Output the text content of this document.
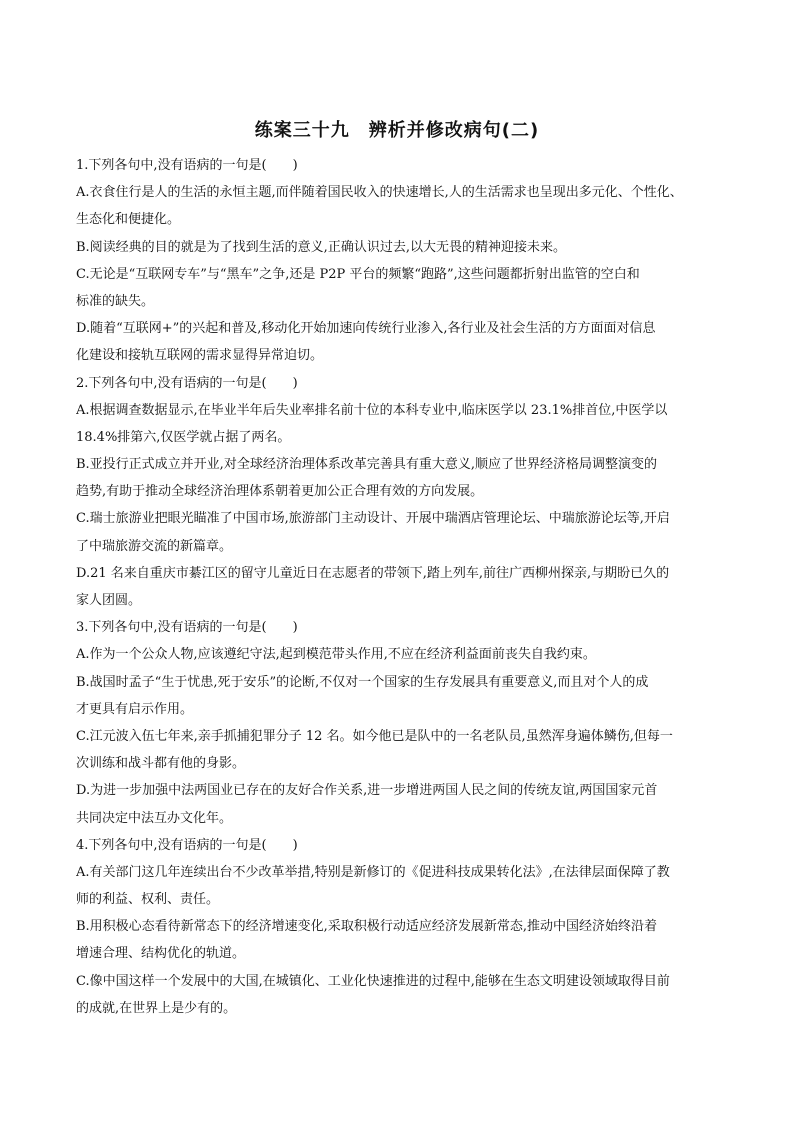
练案三十九　辨析并修改病句(二)
1.下列各句中,没有语病的一句是(　　)
A.衣食住行是人的生活的永恒主题,而伴随着国民收入的快速增长,人的生活需求也呈现出多元化、个性化、
生态化和便捷化。
B.阅读经典的目的就是为了找到生活的意义,正确认识过去,以大无畏的精神迎接未来。
C.无论是“互联网专车”与“黑车”之争,还是 P2P 平台的频繁“跑路”,这些问题都折射出监管的空白和
标准的缺失。
D.随着“互联网+”的兴起和普及,移动化开始加速向传统行业渗入,各行业及社会生活的方方面面对信息
化建设和接轨互联网的需求显得异常迫切。
2.下列各句中,没有语病的一句是(　　)
A.根据调查数据显示,在毕业半年后失业率排名前十位的本科专业中,临床医学以 23.1%排首位,中医学以
18.4%排第六,仅医学就占据了两名。
B.亚投行正式成立并开业,对全球经济治理体系改革完善具有重大意义,顺应了世界经济格局调整演变的
趋势,有助于推动全球经济治理体系朝着更加公正合理有效的方向发展。
C.瑞士旅游业把眼光瞄准了中国市场,旅游部门主动设计、开展中瑞酒店管理论坛、中瑞旅游论坛等,开启
了中瑞旅游交流的新篇章。
D.21 名来自重庆市綦江区的留守儿童近日在志愿者的带领下,踏上列车,前往广西柳州探亲,与期盼已久的
家人团圆。
3.下列各句中,没有语病的一句是(　　)
A.作为一个公众人物,应该遵纪守法,起到模范带头作用,不应在经济利益面前丧失自我约束。
B.战国时孟子“生于忧患,死于安乐”的论断,不仅对一个国家的生存发展具有重要意义,而且对个人的成
才更具有启示作用。
C.江元波入伍七年来,亲手抓捕犯罪分子 12 名。如今他已是队中的一名老队员,虽然浑身遍体鳞伤,但每一
次训练和战斗都有他的身影。
D.为进一步加强中法两国业已存在的友好合作关系,进一步增进两国人民之间的传统友谊,两国国家元首
共同决定中法互办文化年。
4.下列各句中,没有语病的一句是(　　)
A.有关部门这几年连续出台不少改革举措,特别是新修订的《促进科技成果转化法》,在法律层面保障了教
师的利益、权利、责任。
B.用积极心态看待新常态下的经济增速变化,采取积极行动适应经济发展新常态,推动中国经济始终沿着
增速合理、结构优化的轨道。
C.像中国这样一个发展中的大国,在城镇化、工业化快速推进的过程中,能够在生态文明建设领域取得目前
的成就,在世界上是少有的。
